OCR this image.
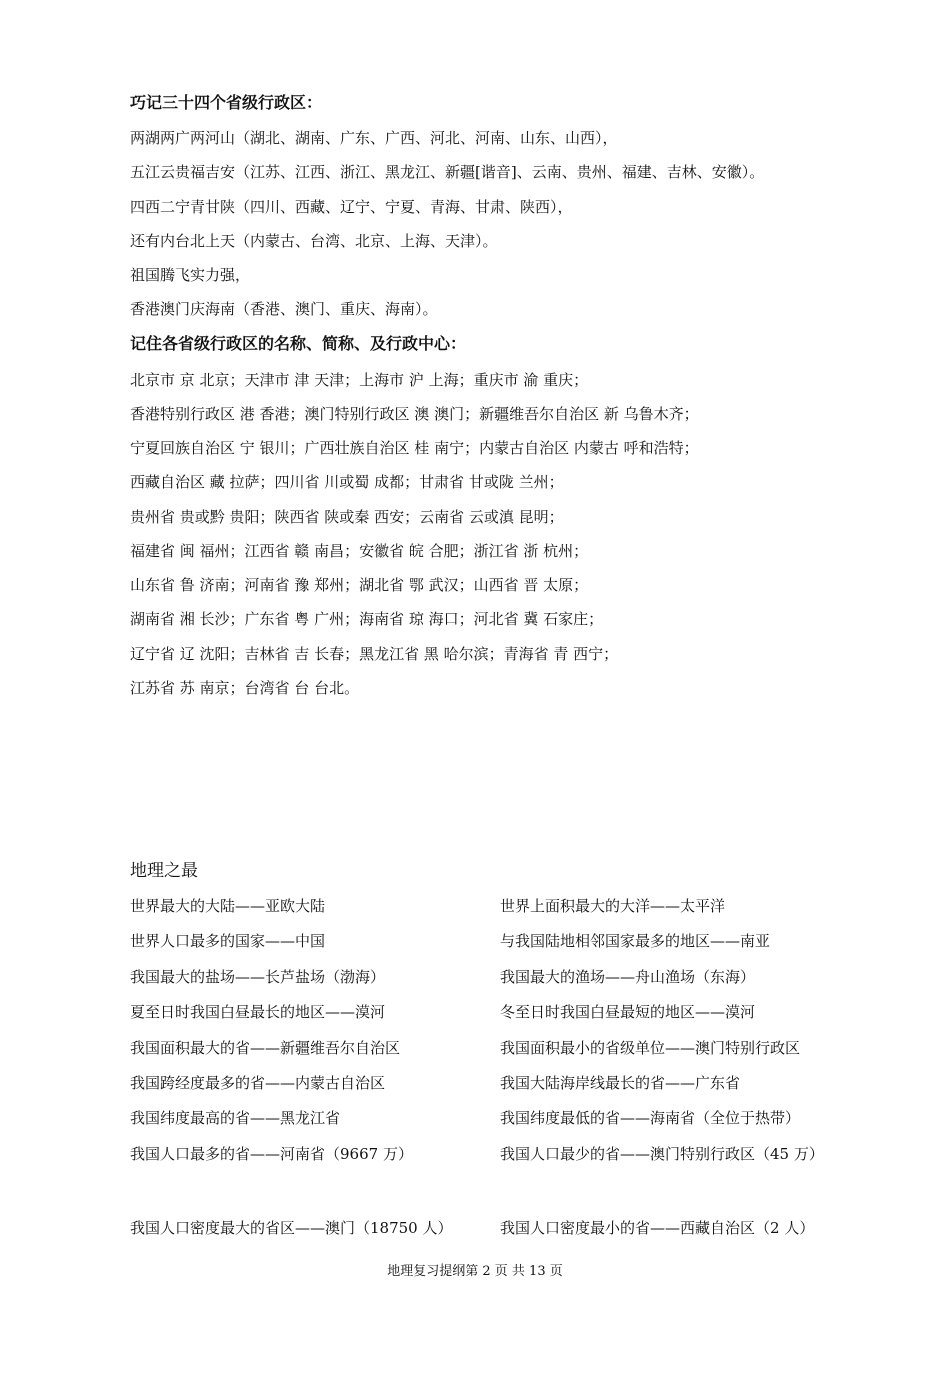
巧记三十四个省级行政区：
两湖两广两河山（湖北、湖南、广东、广西、河北、河南、山东、山西），
五江云贵福吉安（江苏、江西、浙江、黑龙江、新疆[谐音]、云南、贵州、福建、吉林、安徽）。
四西二宁青甘陕（四川、西藏、辽宁、宁夏、青海、甘肃、陕西），
还有内台北上天（内蒙古、台湾、北京、上海、天津）。
祖国腾飞实力强，
香港澳门庆海南（香港、澳门、重庆、海南）。
记住各省级行政区的名称、简称、及行政中心：
北京市 京 北京；天津市 津 天津；上海市 沪 上海；重庆市 渝 重庆；
香港特别行政区 港 香港；澳门特别行政区 澳 澳门；新疆维吾尔自治区 新 乌鲁木齐；
宁夏回族自治区 宁 银川；广西壮族自治区 桂 南宁；内蒙古自治区 内蒙古 呼和浩特；
西藏自治区 藏 拉萨；四川省 川或蜀 成都；甘肃省 甘或陇 兰州；
贵州省 贵或黔 贵阳；陕西省 陕或秦 西安；云南省 云或滇 昆明；
福建省 闽 福州；江西省 赣 南昌；安徽省 皖 合肥；浙江省 浙 杭州；
山东省 鲁 济南；河南省 豫 郑州；湖北省 鄂 武汉；山西省 晋 太原；
湖南省 湘 长沙；广东省 粤 广州；海南省 琼 海口；河北省 冀 石家庄；
辽宁省 辽 沈阳；吉林省 吉 长春；黑龙江省 黑 哈尔滨；青海省 青 西宁；
江苏省 苏 南京；台湾省 台 台北。
地理之最
世界最大的大陆——亚欧大陆	世界上面积最大的大洋——太平洋
世界人口最多的国家——中国	与我国陆地相邻国家最多的地区——南亚
我国最大的盐场——长芦盐场（渤海）	我国最大的渔场——舟山渔场（东海）
夏至日时我国白昼最长的地区——漠河	冬至日时我国白昼最短的地区——漠河
我国面积最大的省——新疆维吾尔自治区	我国面积最小的省级单位——澳门特别行政区
我国跨经度最多的省——内蒙古自治区	我国大陆海岸线最长的省——广东省
我国纬度最高的省——黑龙江省	我国纬度最低的省——海南省（全位于热带）
我国人口最多的省——河南省（9667 万）	我国人口最少的省——澳门特别行政区（45 万）
我国人口密度最大的省区——澳门（18750 人）	我国人口密度最小的省——西藏自治区（2 人）
地理复习提纲第 2 页 共 13 页
